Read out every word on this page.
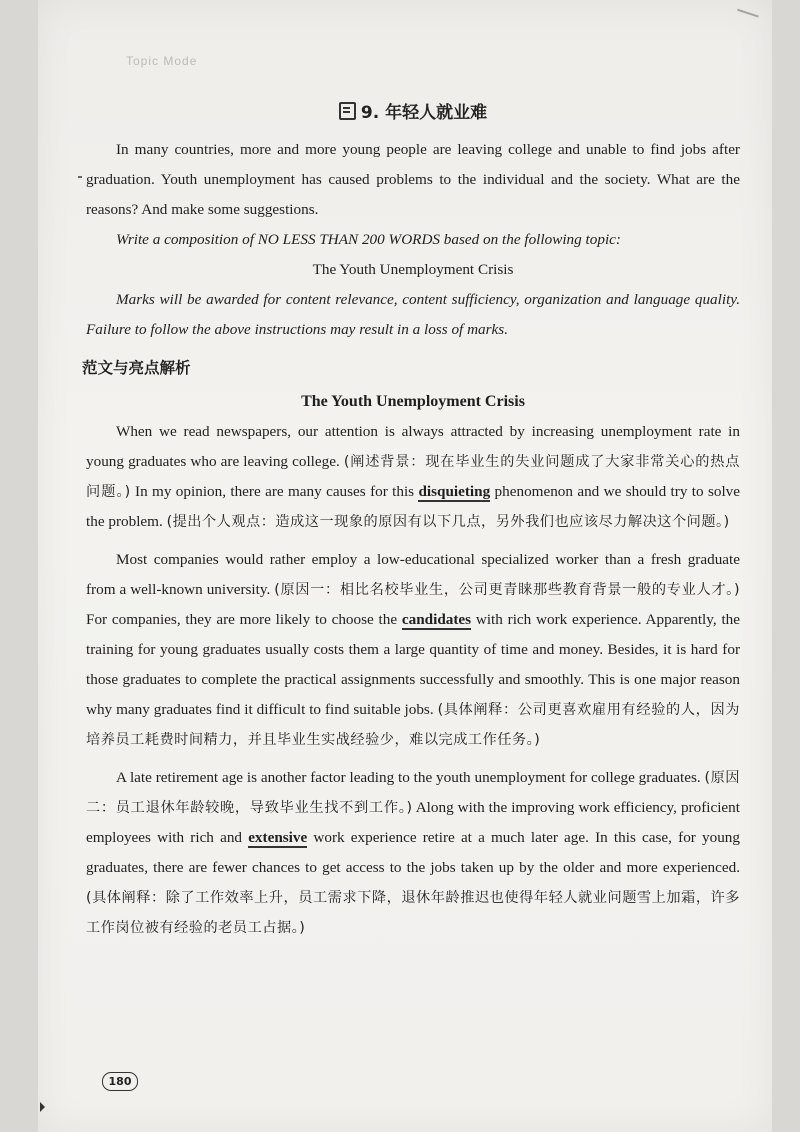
Topic Mode
9. 年轻人就业难

In many countries, more and more young people are leaving college and unable to find jobs after graduation. Youth unemployment has caused problems to the individual and the society. What are the reasons? And make some suggestions.

Write a composition of NO LESS THAN 200 WORDS based on the following topic:

The Youth Unemployment Crisis

Marks will be awarded for content relevance, content sufficiency, organization and language quality. Failure to follow the above instructions may result in a loss of marks.

范文与亮点解析
The Youth Unemployment Crisis

When we read newspapers, our attention is always attracted by increasing unemployment rate in young graduates who are leaving college. (阐述背景：现在毕业生的失业问题成了大家非常关心的热点问题。) In my opinion, there are many causes for this disquieting phenomenon and we should try to solve the problem. (提出个人观点：造成这一现象的原因有以下几点，另外我们也应该尽力解决这个问题。)

Most companies would rather employ a low-educational specialized worker than a fresh graduate from a well-known university. (原因一：相比名校毕业生，公司更青睐那些教育背景一般的专业人才。) For companies, they are more likely to choose the candidates with rich work experience. Apparently, the training for young graduates usually costs them a large quantity of time and money. Besides, it is hard for those graduates to complete the practical assignments successfully and smoothly. This is one major reason why many graduates find it difficult to find suitable jobs. (具体阐释：公司更喜欢雇用有经验的人，因为培养员工耗费时间精力，并且毕业生实战经验少，难以完成工作任务。)

A late retirement age is another factor leading to the youth unemployment for college graduates. (原因二：员工退休年龄较晚，导致毕业生找不到工作。) Along with the improving work efficiency, proficient employees with rich and extensive work experience retire at a much later age. In this case, for young graduates, there are fewer chances to get access to the jobs taken up by the older and more experienced. (具体阐释：除了工作效率上升，员工需求下降，退休年龄推迟也使得年轻人就业问题雪上加霜，许多工作岗位被有经验的老员工占据。)

180
